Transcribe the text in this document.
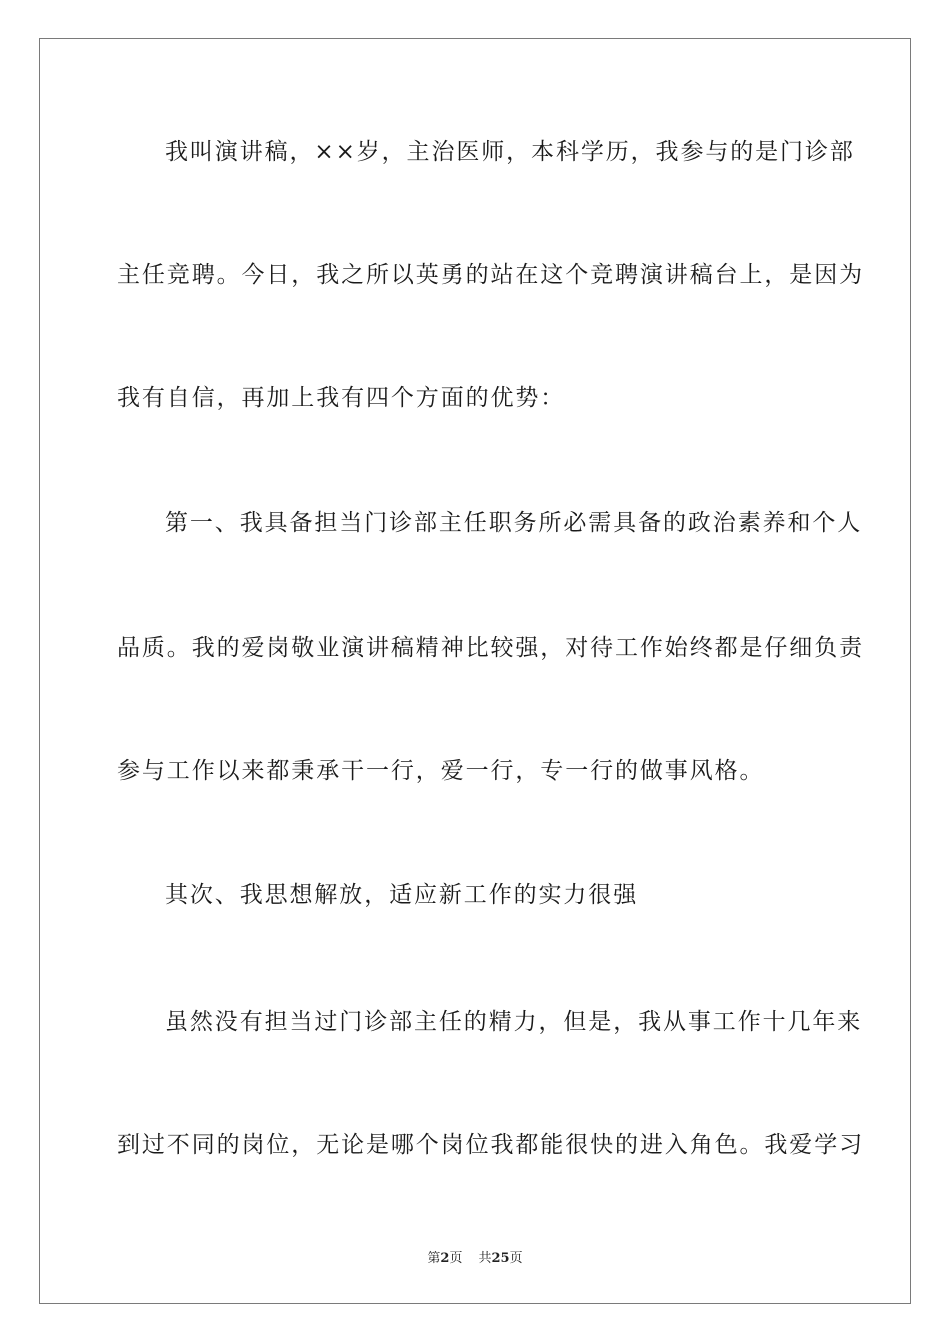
我叫演讲稿，××岁，主治医师，本科学历，我参与的是门诊部
主任竞聘。今日，我之所以英勇的站在这个竞聘演讲稿台上，是因为
我有自信，再加上我有四个方面的优势：
第一、我具备担当门诊部主任职务所必需具备的政治素养和个人
品质。我的爱岗敬业演讲稿精神比较强，对待工作始终都是仔细负责
参与工作以来都秉承干一行，爱一行，专一行的做事风格。
其次、我思想解放，适应新工作的实力很强
虽然没有担当过门诊部主任的精力，但是，我从事工作十几年来
到过不同的岗位，无论是哪个岗位我都能很快的进入角色。我爱学习
第2页 共25页
